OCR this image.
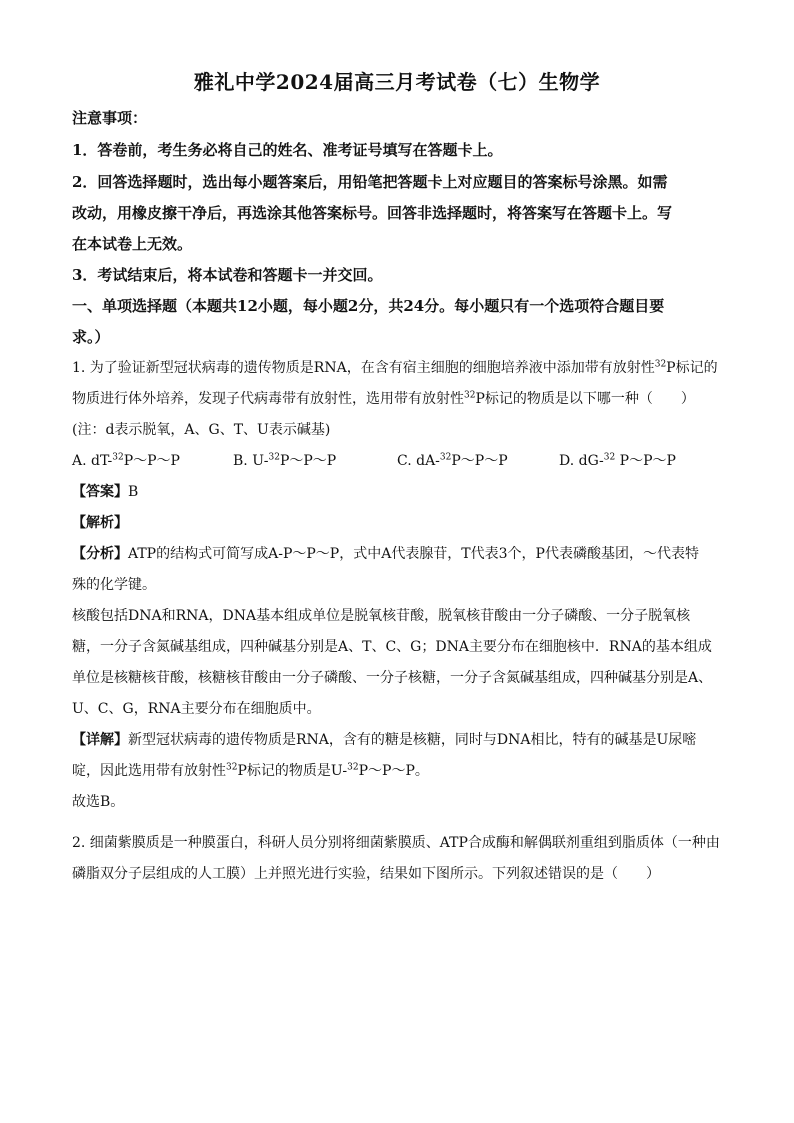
雅礼中学2024届高三月考试卷（七）生物学
注意事项：
1．答卷前，考生务必将自己的姓名、准考证号填写在答题卡上。
2．回答选择题时，选出每小题答案后，用铅笔把答题卡上对应题目的答案标号涂黑。如需
改动，用橡皮擦干净后，再选涂其他答案标号。回答非选择题时，将答案写在答题卡上。写
在本试卷上无效。
3．考试结束后，将本试卷和答题卡一并交回。
一、单项选择题（本题共12小题，每小题2分，共24分。每小题只有一个选项符合题目要
求。）
1. 为了验证新型冠状病毒的遗传物质是RNA，在含有宿主细胞的细胞培养液中添加带有放射性$^{32}$P标记的
物质进行体外培养，发现子代病毒带有放射性，选用带有放射性$^{32}$P标记的物质是以下哪一种（　　）
(注：d表示脱氧，A、G、T、U表示碱基)
A. dT-$^{32}$P～P～P	B. U-$^{32}$P～P～P	C. dA-$^{32}$P～P～P	D. dG-$^{32}$ P～P～P
【答案】B
【解析】
【分析】ATP的结构式可简写成A-P～P～P，式中A代表腺苷，T代表3个，P代表磷酸基团，～代表特
殊的化学键。
核酸包括DNA和RNA，DNA基本组成单位是脱氧核苷酸，脱氧核苷酸由一分子磷酸、一分子脱氧核
糖，一分子含氮碱基组成，四种碱基分别是A、T、C、G；DNA主要分布在细胞核中．RNA的基本组成
单位是核糖核苷酸，核糖核苷酸由一分子磷酸、一分子核糖，一分子含氮碱基组成，四种碱基分别是A、
U、C、G，RNA主要分布在细胞质中。
【详解】新型冠状病毒的遗传物质是RNA，含有的糖是核糖，同时与DNA相比，特有的碱基是U尿嘧
啶，因此选用带有放射性$^{32}$P标记的物质是U-$^{32}$P～P～P。
故选B。
2. 细菌紫膜质是一种膜蛋白，科研人员分别将细菌紫膜质、ATP合成酶和解偶联剂重组到脂质体（一种由
磷脂双分子层组成的人工膜）上并照光进行实验，结果如下图所示。下列叙述错误的是（　　）
